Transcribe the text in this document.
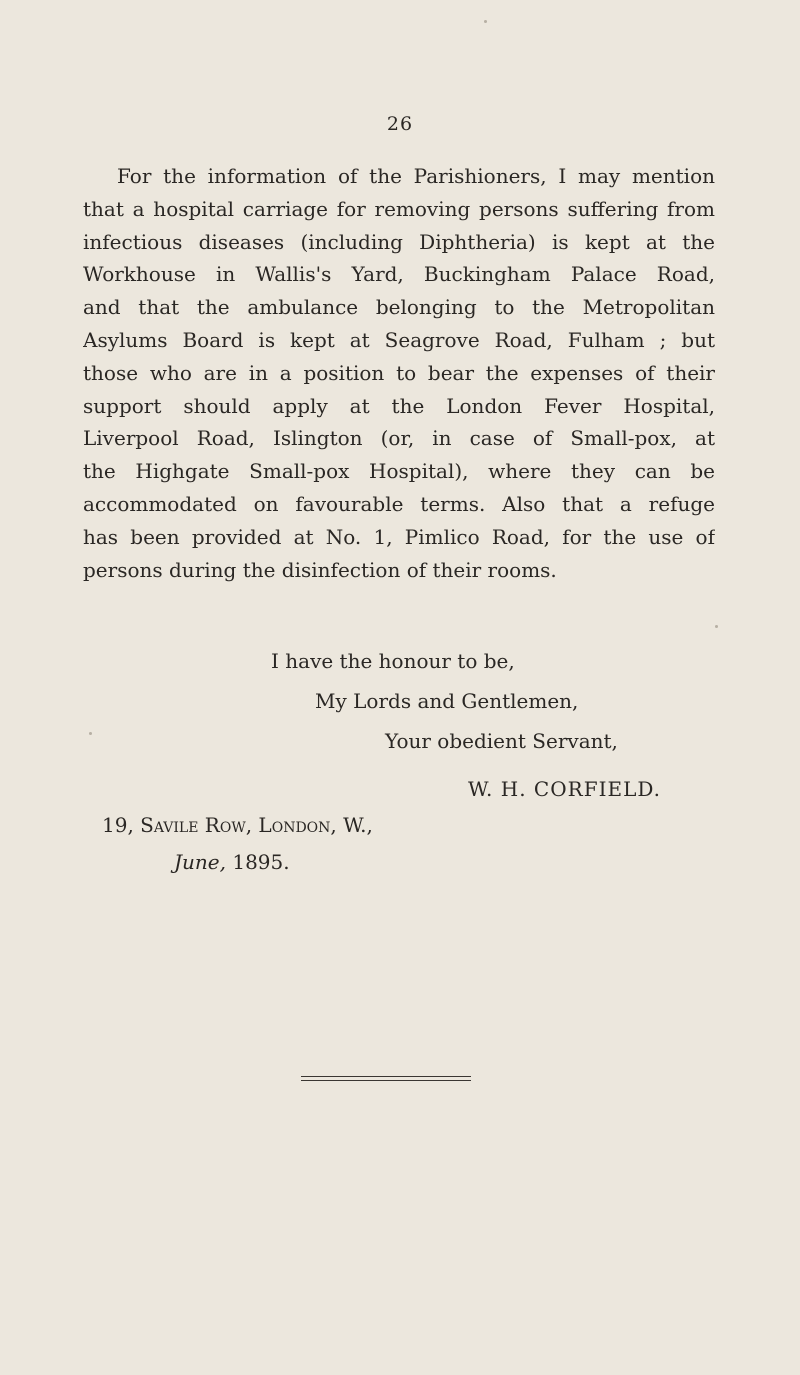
26
For the information of the Parishioners, I may mention
that a hospital carriage for removing persons suffering from
infectious diseases (including Diphtheria) is kept at the
Workhouse in Wallis's Yard, Buckingham Palace Road,
and that the ambulance belonging to the Metropolitan
Asylums Board is kept at Seagrove Road, Fulham ; but
those who are in a position to bear the expenses of their
support should apply at the London Fever Hospital,
Liverpool Road, Islington (or, in case of Small-pox, at
the Highgate Small-pox Hospital), where they can be
accommodated on favourable terms. Also that a refuge
has been provided at No. 1, Pimlico Road, for the use of
persons during the disinfection of their rooms.
I have the honour to be,
My Lords and Gentlemen,
Your obedient Servant,
W. H. CORFIELD.
19, Savile Row, London, W.,
June, 1895.
